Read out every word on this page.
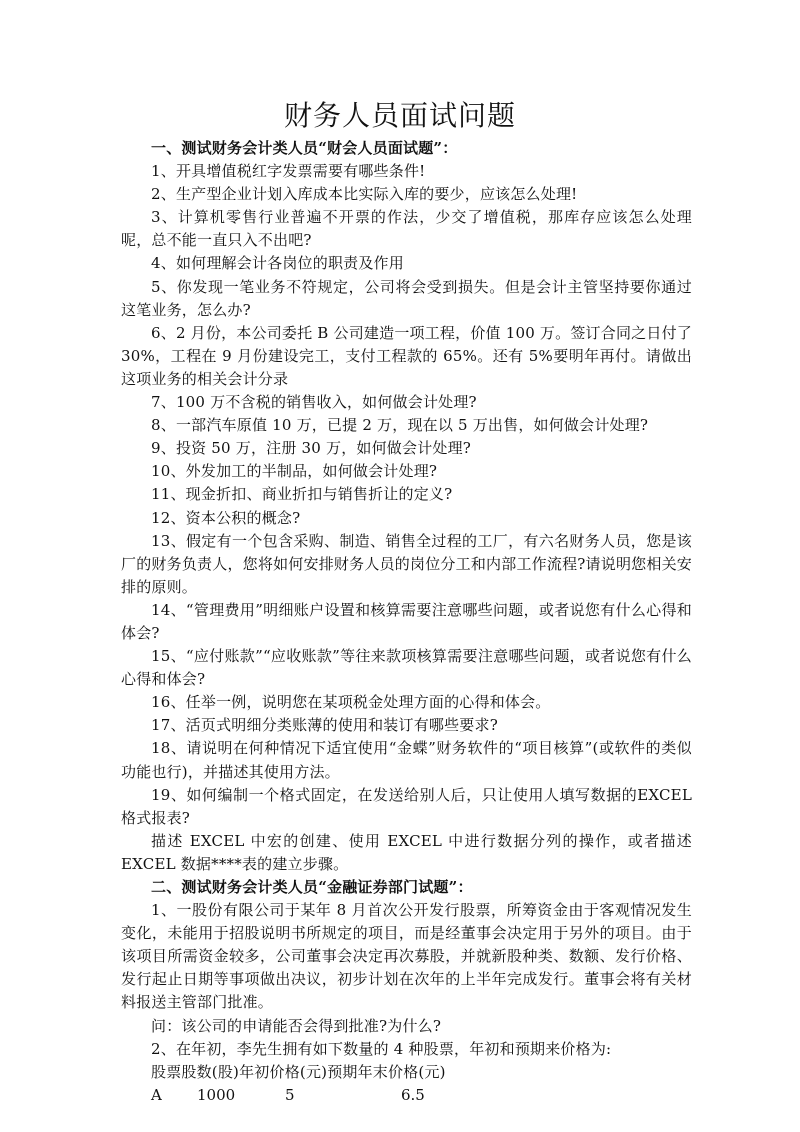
财务人员面试问题

一、测试财务会计类人员“财会人员面试题”：

1、开具增值税红字发票需要有哪些条件!

2、生产型企业计划入库成本比实际入库的要少，应该怎么处理!

3、计算机零售行业普遍不开票的作法，少交了增值税，那库存应该怎么处理呢，总不能一直只入不出吧?

4、如何理解会计各岗位的职责及作用

5、你发现一笔业务不符规定，公司将会受到损失。但是会计主管坚持要你通过这笔业务，怎么办?

6、2 月份，本公司委托 B 公司建造一项工程，价值 100 万。签订合同之日付了 30%，工程在 9 月份建设完工，支付工程款的 65%。还有 5%要明年再付。请做出这项业务的相关会计分录

7、100 万不含税的销售收入，如何做会计处理?

8、一部汽车原值 10 万，已提 2 万，现在以 5 万出售，如何做会计处理?

9、投资 50 万，注册 30 万，如何做会计处理?

10、外发加工的半制品，如何做会计处理?

11、现金折扣、商业折扣与销售折让的定义?

12、资本公积的概念?

13、假定有一个包含采购、制造、销售全过程的工厂，有六名财务人员，您是该厂的财务负责人，您将如何安排财务人员的岗位分工和内部工作流程?请说明您相关安排的原则。

14、“管理费用”明细账户设置和核算需要注意哪些问题，或者说您有什么心得和体会?

15、“应付账款”“应收账款”等往来款项核算需要注意哪些问题，或者说您有什么心得和体会?

16、任举一例，说明您在某项税金处理方面的心得和体会。

17、活页式明细分类账薄的使用和装订有哪些要求?

18、请说明在何种情况下适宜使用“金蝶”财务软件的“项目核算”(或软件的类似功能也行)，并描述其使用方法。

19、如何编制一个格式固定，在发送给别人后，只让使用人填写数据的EXCEL 格式报表?

描述 EXCEL 中宏的创建、使用 EXCEL 中进行数据分列的操作，或者描述EXCEL 数据****表的建立步骤。

二、测试财务会计类人员“金融证券部门试题”：

1、一股份有限公司于某年 8 月首次公开发行股票，所筹资金由于客观情况发生变化，未能用于招股说明书所规定的项目，而是经董事会决定用于另外的项目。由于该项目所需资金较多，公司董事会决定再次募股，并就新股种类、数额、发行价格、发行起止日期等事项做出决议，初步计划在次年的上半年完成发行。董事会将有关材料报送主管部门批准。

问：该公司的申请能否会得到批准?为什么?

2、在年初，李先生拥有如下数量的 4 种股票，年初和预期来价格为:

股票股数(股)年初价格(元)预期年末价格(元)

A 1000	5	6.5
